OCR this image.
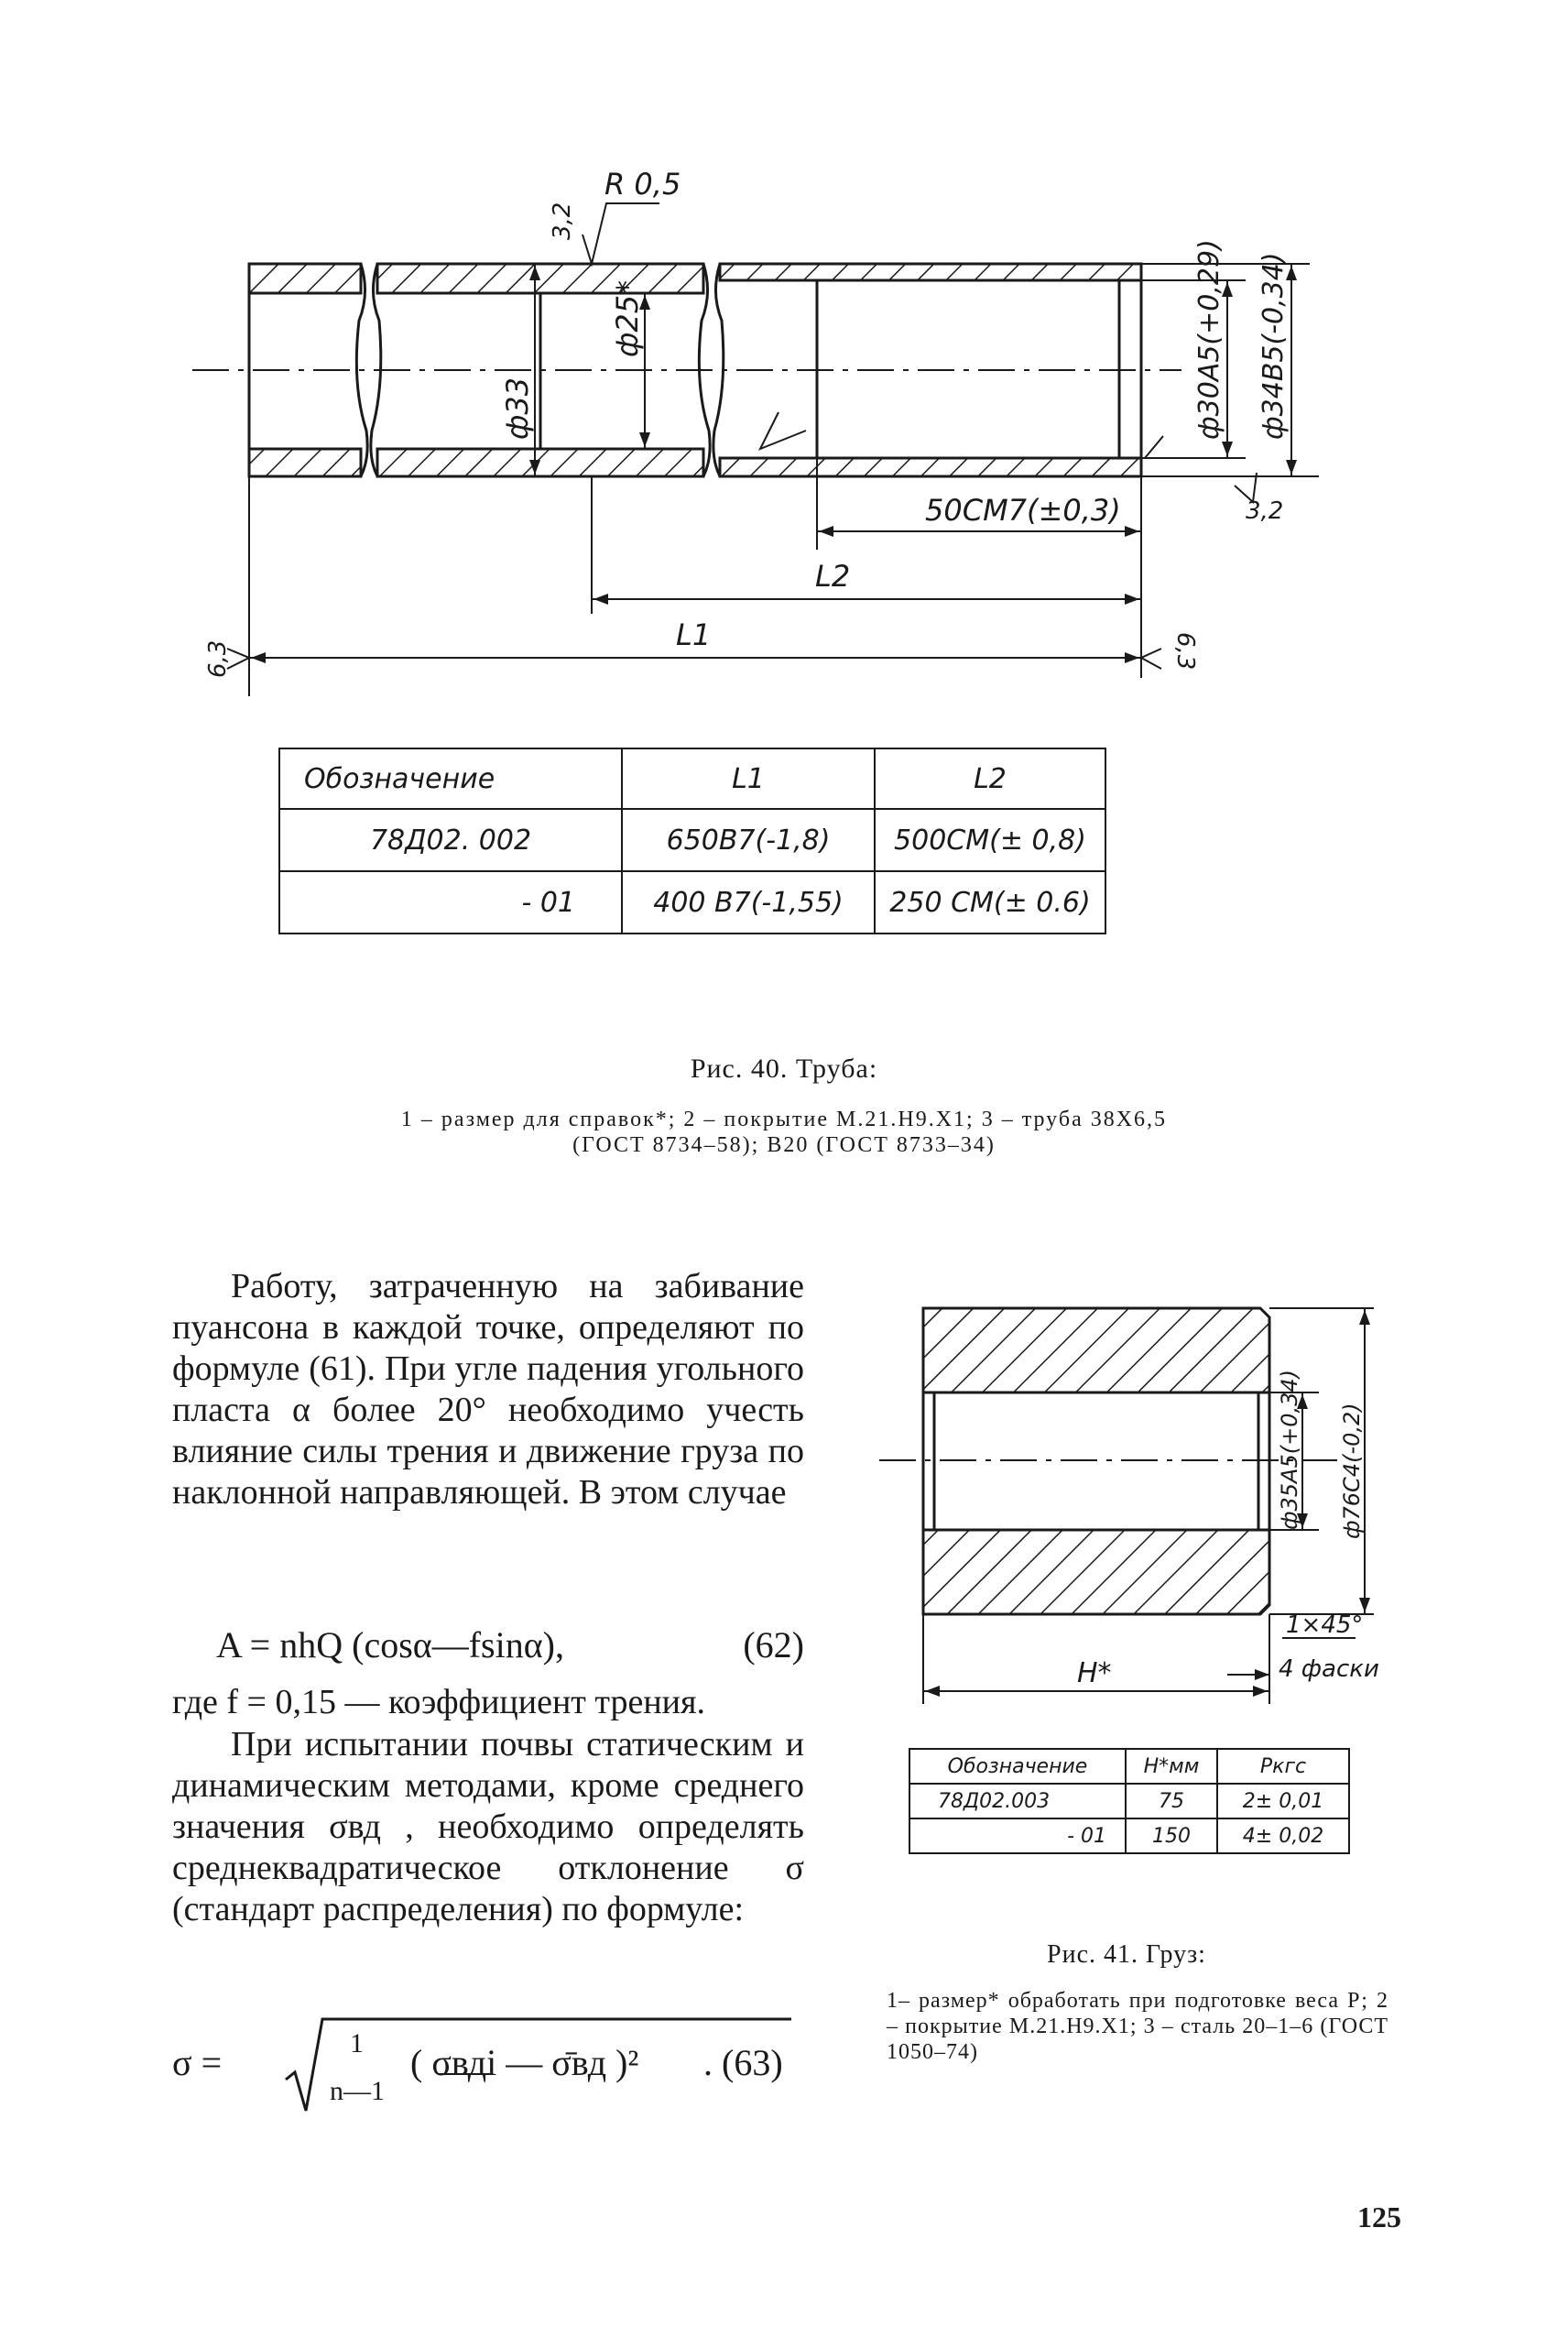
3,2
R 0,5
ф33
ф25*	ф30A5(+0,29) ф34B5(-0,34)
50CM7(±0,3)
L2
L1
6,3	6,3
3,2
Обозначение	L1	L2
78Д02. 002	650В7(-1,8)	500СМ(± 0,8)
- 01	400 В7(-1,55)	250 СМ(± 0.6)
Рис. 40. Труба:
1 – размер для справок*; 2 – покрытие М.21.Н9.Х1; 3 – труба 38Х6,5
(ГОСТ 8734–58); В20 (ГОСТ 8733–34)

Работу, затраченную на забивание пуансона в каждой точке, определяют по формуле (61). При угле падения угольного пласта α более 20° необходимо учесть влияние силы трения и движение груза по наклонной направляющей. В этом случае

A = nhQ (cosα—fsinα),	(62)

где f = 0,15 — коэффициент трения.

При испытании почвы статическим и динамическим методами, кроме среднего значения σвд , необходимо определять среднеквадратическое отклонение σ (стандарт распределения) по формуле:

σ =	1
n—1
( σвдi — σ̄вд )² . (63)
ф35A5(+0,34) ф76C4(-0,2)
1×45°
4 фаски
H*
Обозначение	H*мм	Pкгс
78Д02.003	75	2± 0,01
- 01	150	4± 0,02
Рис. 41. Груз:
1– размер* обработать при подготовке веса Р; 2 – покрытие М.21.Н9.Х1; 3 – сталь 20–1–6 (ГОСТ 1050–74)
125
